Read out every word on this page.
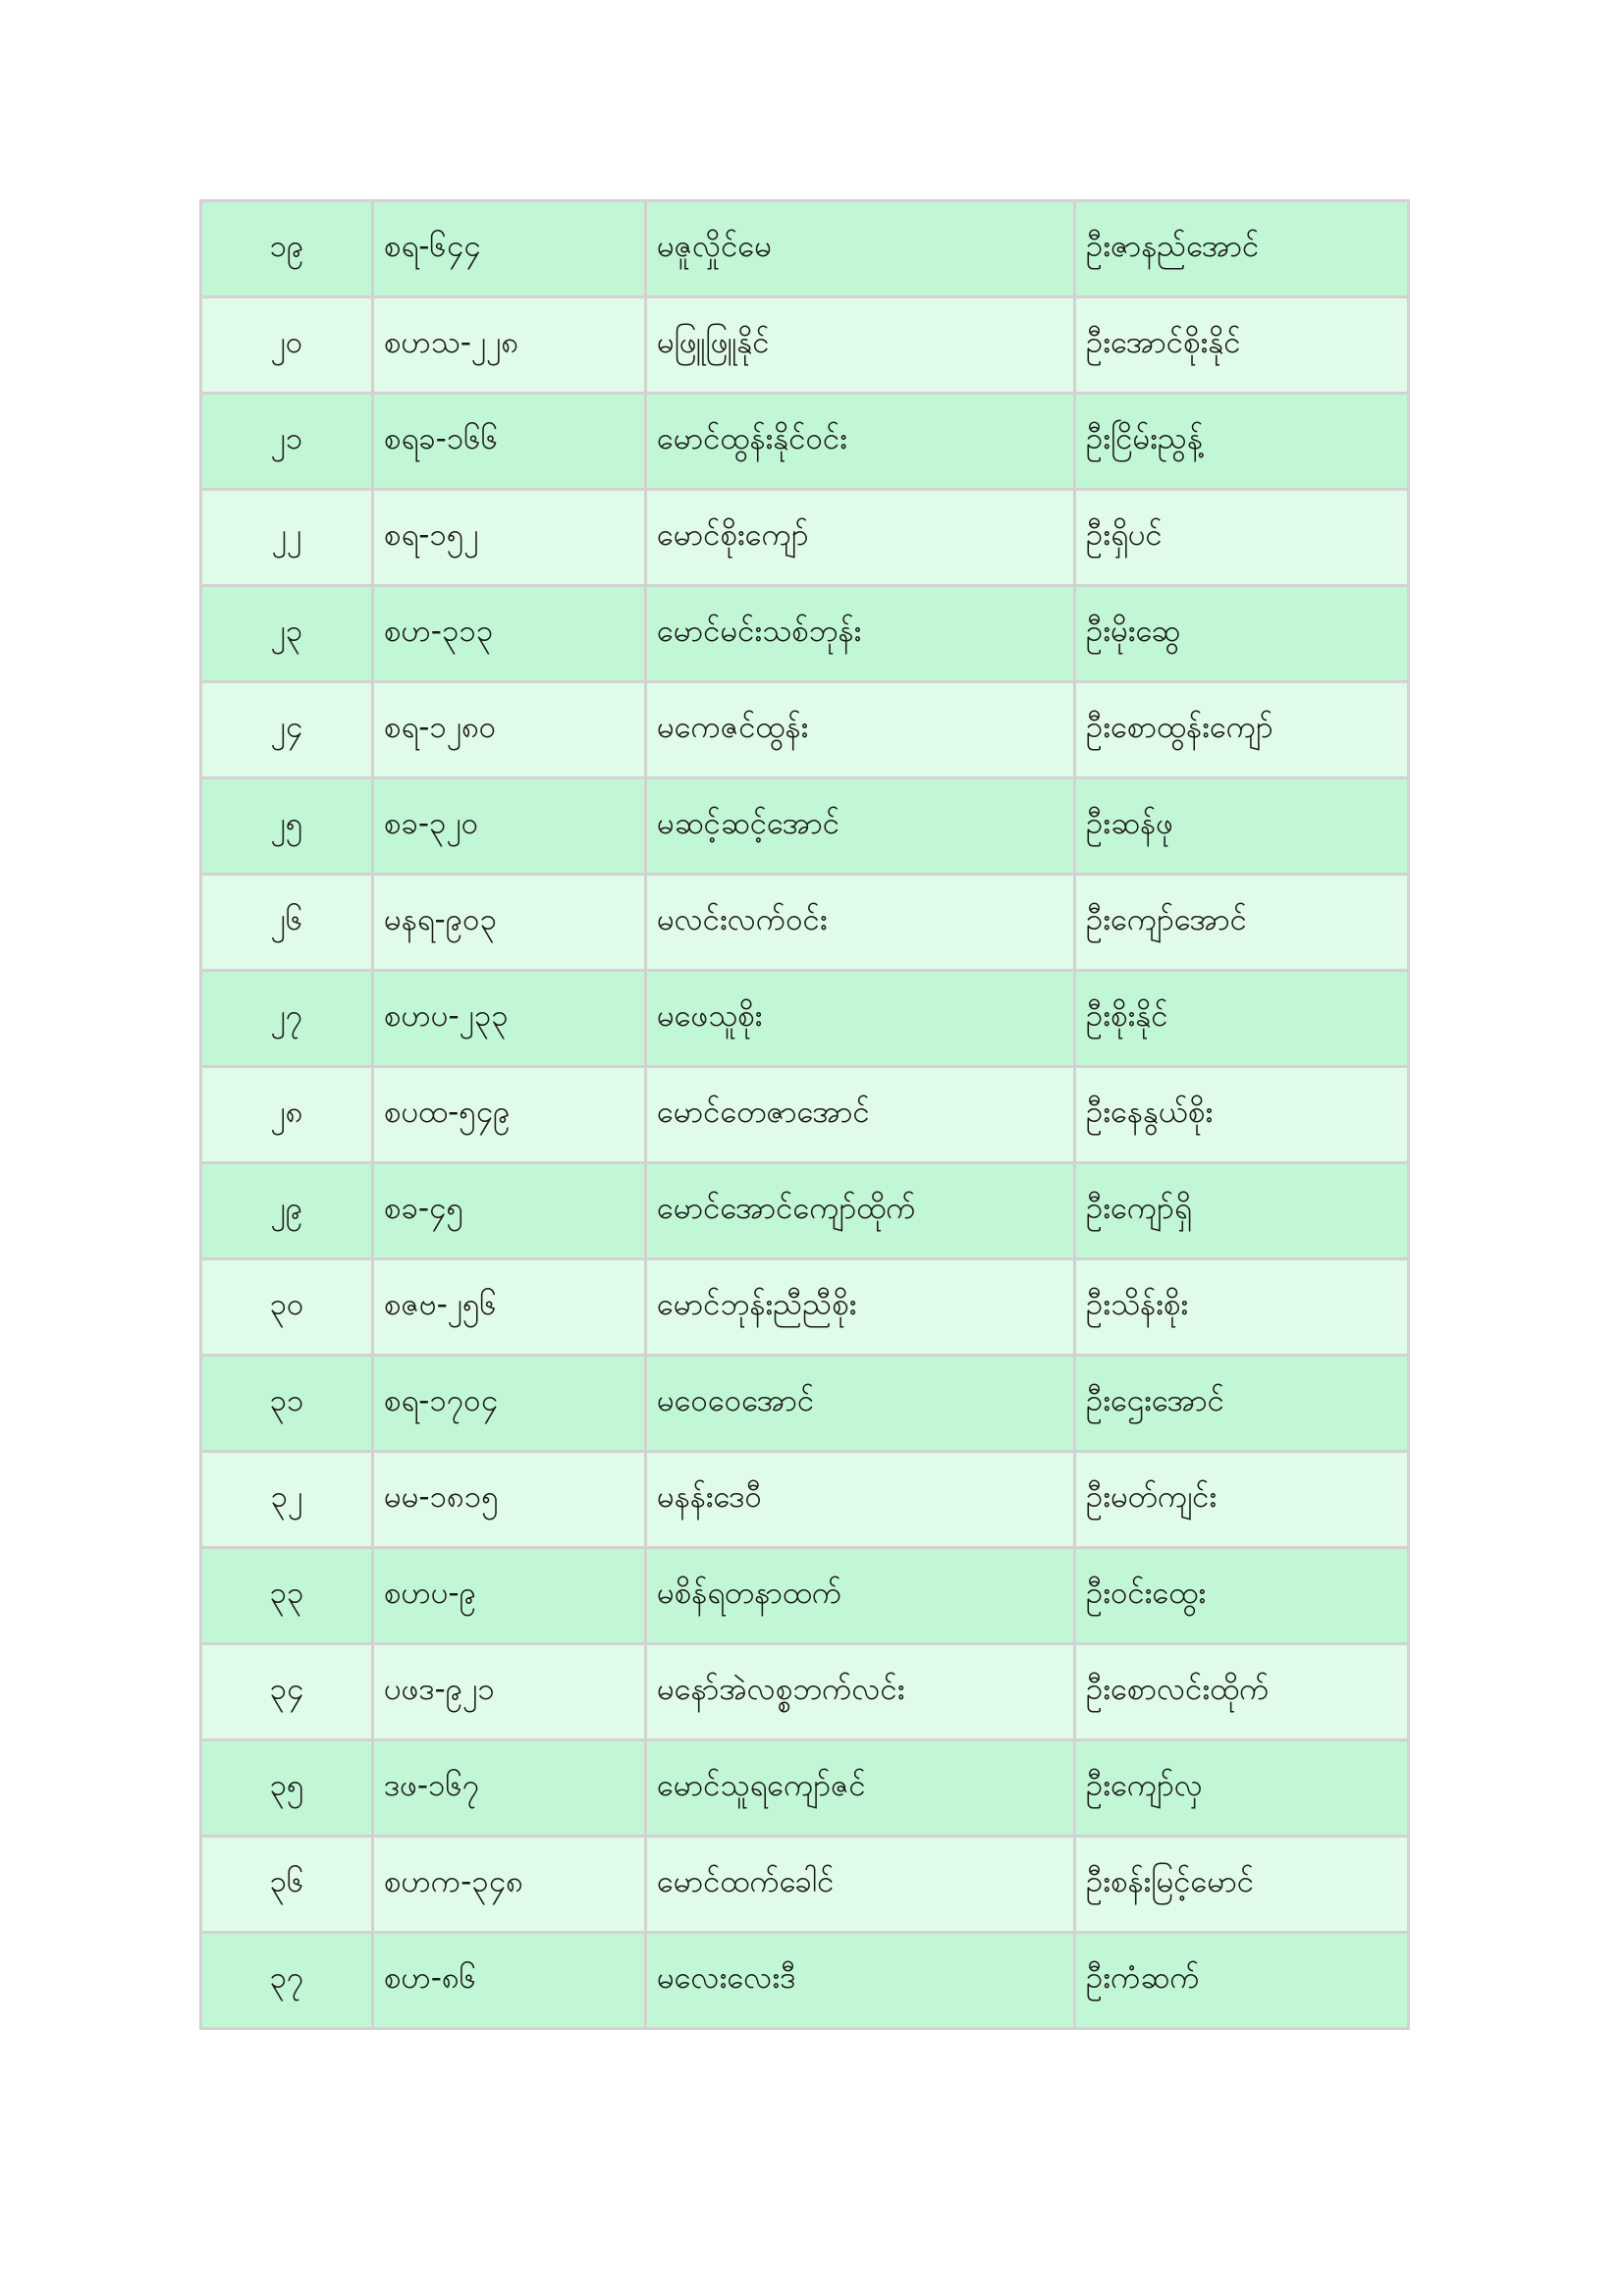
၁၉	စရ-၆၄၄	မဇူလှိုင်မေ	ဦးဇာနည်အောင်
၂၀	စဟသ-၂၂၈	မဖြူဖြူနိုင်	ဦးအောင်စိုးနိုင်
၂၁	စရခ-၁၆၆	မောင်ထွန်းနိုင်ဝင်း	ဦးငြိမ်းညွန့်
၂၂	စရ-၁၅၂	မောင်စိုးကျော်	ဦးရှိပင်
၂၃	စဟ-၃၁၃	မောင်မင်းသစ်ဘုန်း	ဦးမိုးဆွေ
၂၄	စရ-၁၂၈၀	မကေဇင်ထွန်း	ဦးစောထွန်းကျော်
၂၅	စခ-၃၂၀	မဆင့်ဆင့်အောင်	ဦးဆန်ဖု
၂၆	မနရ-၉၀၃	မလင်းလက်ဝင်း	ဦးကျော်အောင်
၂၇	စဟပ-၂၃၃	မဖေသူစိုး	ဦးစိုးနိုင်
၂၈	စပထ-၅၄၉	မောင်တေဇာအောင်	ဦးနေနွယ်စိုး
၂၉	စခ-၄၅	မောင်အောင်ကျော်ထိုက်	ဦးကျော်ရှိ
၃၀	စဇဗ-၂၅၆	မောင်ဘုန်းညီညီစိုး	ဦးသိန်းစိုး
၃၁	စရ-၁၇၀၄	မဝေဝေအောင်	ဦးဌေးအောင်
၃၂	မမ-၁၈၁၅	မနန်းဒေဝီ	ဦးမတ်ကျင်း
၃၃	စဟပ-၉	မစိန်ရတနာထက်	ဦးဝင်းထွေး
၃၄	ပဖဒ-၉၂၁	မနော်အဲလစ္စဘက်လင်း	ဦးစောလင်းထိုက်
၃၅	ဒဖ-၁၆၇	မောင်သူရကျော်ဇင်	ဦးကျော်လှ
၃၆	စဟက-၃၄၈	မောင်ထက်ခေါင်	ဦးစန်းမြင့်မောင်
၃၇	စဟ-၈၆	မလေးလေးဒီ	ဦးကံဆက်
